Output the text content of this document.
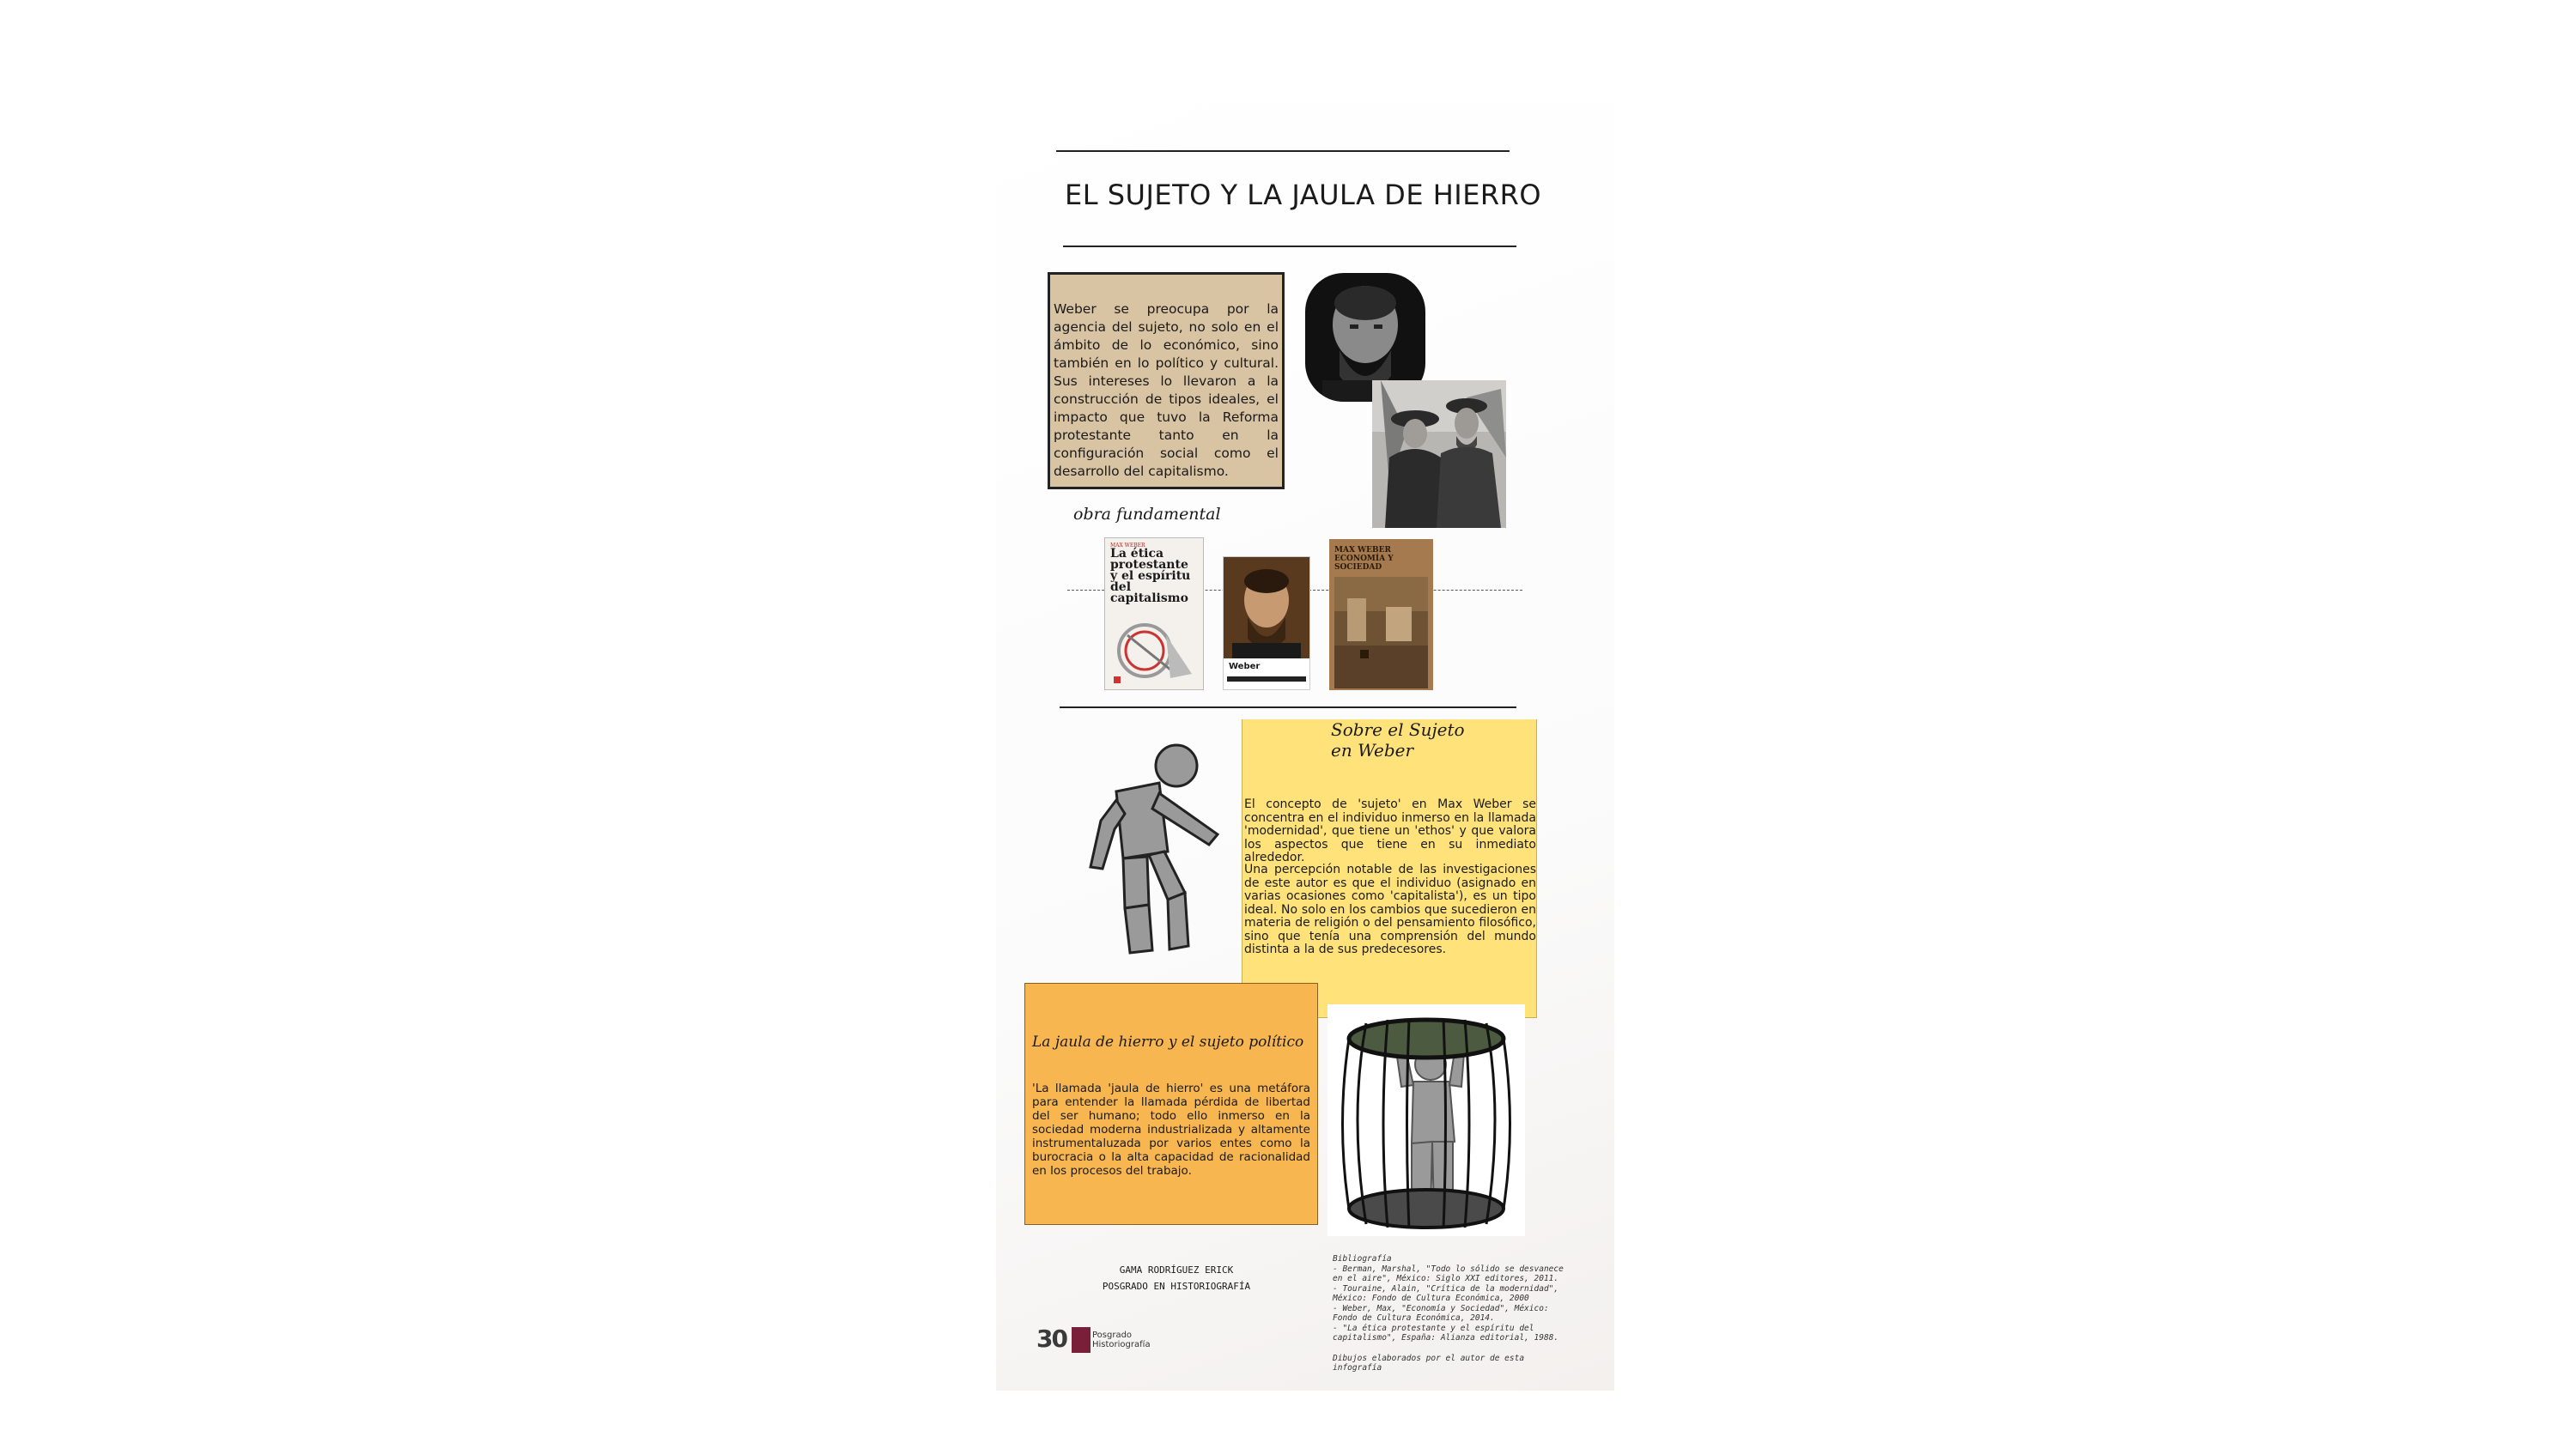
EL SUJETO Y LA JAULA DE HIERRO
Weber se preocupa por la agencia del sujeto, no solo en el ámbito de lo económico, sino también en lo político y cultural. Sus intereses lo llevaron a la construcción de tipos ideales, el impacto que tuvo la Reforma protestante tanto en la configuración social como el desarrollo del capitalismo.
obra fundamental
MAX WEBER
La ética
protestante
y el espíritu
del capitalismo
Weber
MAX WEBER
ECONOMÍA Y
SOCIEDAD
Sobre el Sujeto
en Weber
El concepto de 'sujeto' en Max Weber se concentra en el individuo inmerso en la llamada 'modernidad', que tiene un 'ethos' y que valora los aspectos que tiene en su inmediato alrededor.
Una percepción notable de las investigaciones de este autor es que el individuo (asignado en varias ocasiones como 'capitalista'), es un tipo ideal. No solo en los cambios que sucedieron en materia de religión o del pensamiento filosófico, sino que tenía una comprensión del mundo distinta a la de sus predecesores.
La jaula de hierro y el sujeto político
'La llamada 'jaula de hierro' es una metáfora para entender la llamada pérdida de libertad del ser humano; todo ello inmerso en la sociedad moderna industrializada y altamente instrumentaluzada por varios entes como la burocracia o la alta capacidad de racionalidad en los procesos del trabajo.
GAMA RODRÍGUEZ ERICK
POSGRADO EN HISTORIOGRAFÍA
30	Posgrado
Historiografía
Bibliografía
- Berman, Marshal, "Todo lo sólido se desvanece en el aire", México: Siglo XXI editores, 2011.
- Touraine, Alain, "Crítica de la modernidad", México: Fondo de Cultura Económica, 2000
- Weber, Max, "Economía y Sociedad", México: Fondo de Cultura Económica, 2014.
- "La ética protestante y el espíritu del capitalismo", España: Alianza editorial, 1988.
Dibujos elaborados por el autor de esta infografía
